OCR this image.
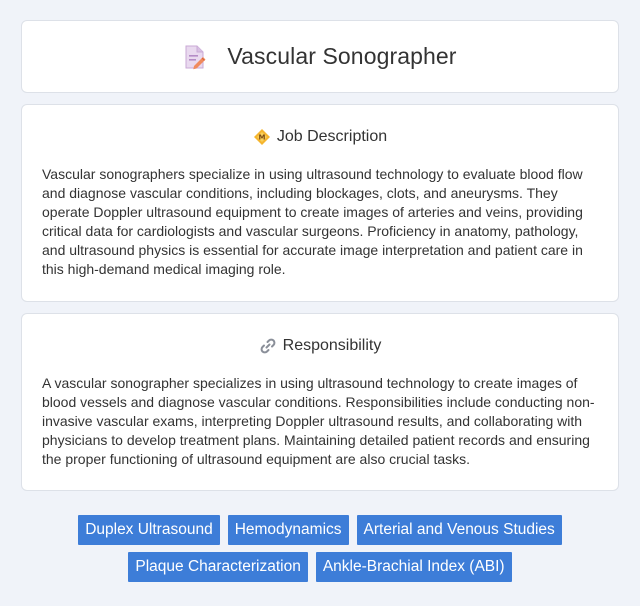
Vascular Sonographer
M Job Description
Vascular sonographers specialize in using ultrasound technology to evaluate blood flow and diagnose vascular conditions, including blockages, clots, and aneurysms. They operate Doppler ultrasound equipment to create images of arteries and veins, providing critical data for cardiologists and vascular surgeons. Proficiency in anatomy, pathology, and ultrasound physics is essential for accurate image interpretation and patient care in this high-demand medical imaging role.
Responsibility
A vascular sonographer specializes in using ultrasound technology to create images of blood vessels and diagnose vascular conditions. Responsibilities include conducting non-invasive vascular exams, interpreting Doppler ultrasound results, and collaborating with physicians to develop treatment plans. Maintaining detailed patient records and ensuring the proper functioning of ultrasound equipment are also crucial tasks.
Duplex Ultrasound	Hemodynamics	Arterial and Venous Studies
Plaque Characterization	Ankle-Brachial Index (ABI)
